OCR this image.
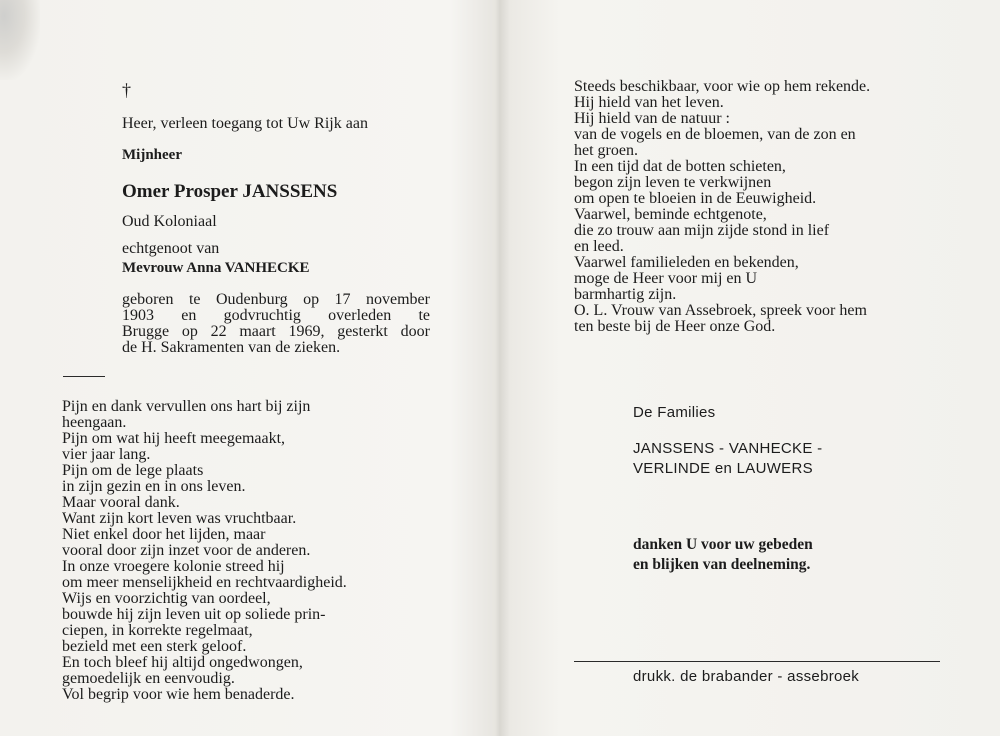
†
Heer, verleen toegang tot Uw Rijk aan
Mijnheer
Omer Prosper JANSSENS
Oud Koloniaal
echtgenoot van
Mevrouw Anna VANHECKE
geboren te Oudenburg op 17 november
1903 en godvruchtig overleden te
Brugge op 22 maart 1969, gesterkt door
de H. Sakramenten van de zieken.
Pijn en dank vervullen ons hart bij zijn
heengaan.
Pijn om wat hij heeft meegemaakt,
vier jaar lang.
Pijn om de lege plaats
in zijn gezin en in ons leven.
Maar vooral dank.
Want zijn kort leven was vruchtbaar.
Niet enkel door het lijden, maar
vooral door zijn inzet voor de anderen.
In onze vroegere kolonie streed hij
om meer menselijkheid en rechtvaardigheid.
Wijs en voorzichtig van oordeel,
bouwde hij zijn leven uit op soliede prin-
ciepen, in korrekte regelmaat,
bezield met een sterk geloof.
En toch bleef hij altijd ongedwongen,
gemoedelijk en eenvoudig.
Vol begrip voor wie hem benaderde.
Steeds beschikbaar, voor wie op hem rekende.
Hij hield van het leven.
Hij hield van de natuur :
van de vogels en de bloemen, van de zon en
het groen.
In een tijd dat de botten schieten,
begon zijn leven te verkwijnen
om open te bloeien in de Eeuwigheid.
Vaarwel, beminde echtgenote,
die zo trouw aan mijn zijde stond in lief
en leed.
Vaarwel familieleden en bekenden,
moge de Heer voor mij en U
barmhartig zijn.
O. L. Vrouw van Assebroek, spreek voor hem
ten beste bij de Heer onze God.
De Families
JANSSENS - VANHECKE -
VERLINDE en LAUWERS
danken U voor uw gebeden
en blijken van deelneming.
drukk. de brabander - assebroek
